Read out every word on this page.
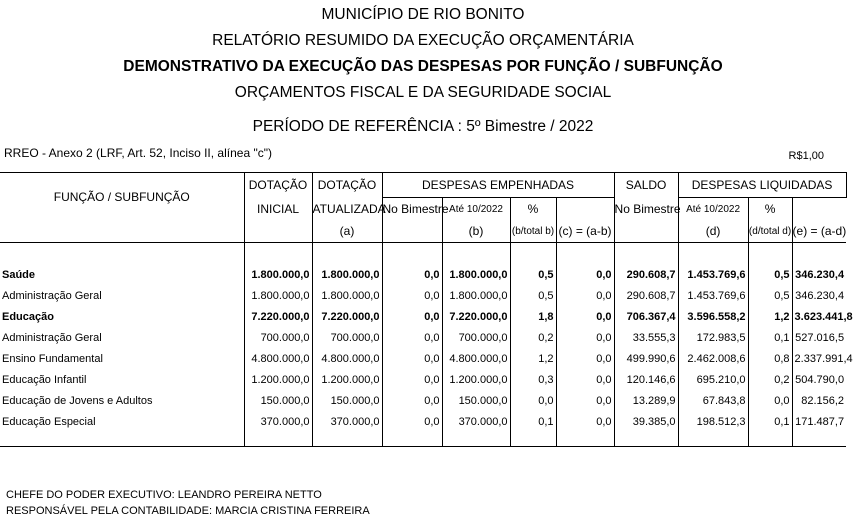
MUNICÍPIO DE RIO BONITO
RELATÓRIO RESUMIDO DA EXECUÇÃO ORÇAMENTÁRIA
DEMONSTRATIVO DA EXECUÇÃO DAS DESPESAS POR FUNÇÃO / SUBFUNÇÃO
ORÇAMENTOS FISCAL E DA SEGURIDADE SOCIAL
PERÍODO DE REFERÊNCIA : 5º Bimestre / 2022
RREO - Anexo 2 (LRF, Art. 52, Inciso II, alínea "c")	R$1,00
FUNÇÃO / SUBFUNÇÃO	DOTAÇÃO	DOTAÇÃO	DESPESAS EMPENHADAS				SALDO	DESPESAS LIQUIDADAS	
	INICIAL	ATUALIZADA	No Bimestre	Até 10/2022	%		No Bimestre	Até 10/2022	%		
		(a)		(b)	(b/total b)	(c) = (a-b)		(d)	(d/total d)	(e) = (a-d)	

Saúde	1.800.000,0	1.800.000,0	0,0	1.800.000,0	0,5	0,0	290.608,7	1.453.769,6	0,5	346.230,4	
Administração Geral	1.800.000,0	1.800.000,0	0,0	1.800.000,0	0,5	0,0	290.608,7	1.453.769,6	0,5	346.230,4	
Educação	7.220.000,0	7.220.000,0	0,0	7.220.000,0	1,8	0,0	706.367,4	3.596.558,2	1,2	3.623.441,8	
Administração Geral	700.000,0	700.000,0	0,0	700.000,0	0,2	0,0	33.555,3	172.983,5	0,1	527.016,5	
Ensino Fundamental	4.800.000,0	4.800.000,0	0,0	4.800.000,0	1,2	0,0	499.990,6	2.462.008,6	0,8	2.337.991,4	
Educação Infantil	1.200.000,0	1.200.000,0	0,0	1.200.000,0	0,3	0,0	120.146,6	695.210,0	0,2	504.790,0	
Educação de Jovens e Adultos	150.000,0	150.000,0	0,0	150.000,0	0,0	0,0	13.289,9	67.843,8	0,0	82.156,2	
Educação Especial	370.000,0	370.000,0	0,0	370.000,0	0,1	0,0	39.385,0	198.512,3	0,1	171.487,7	

CHEFE DO PODER EXECUTIVO: LEANDRO PEREIRA NETTO
RESPONSÁVEL PELA CONTABILIDADE: MARCIA CRISTINA FERREIRA
